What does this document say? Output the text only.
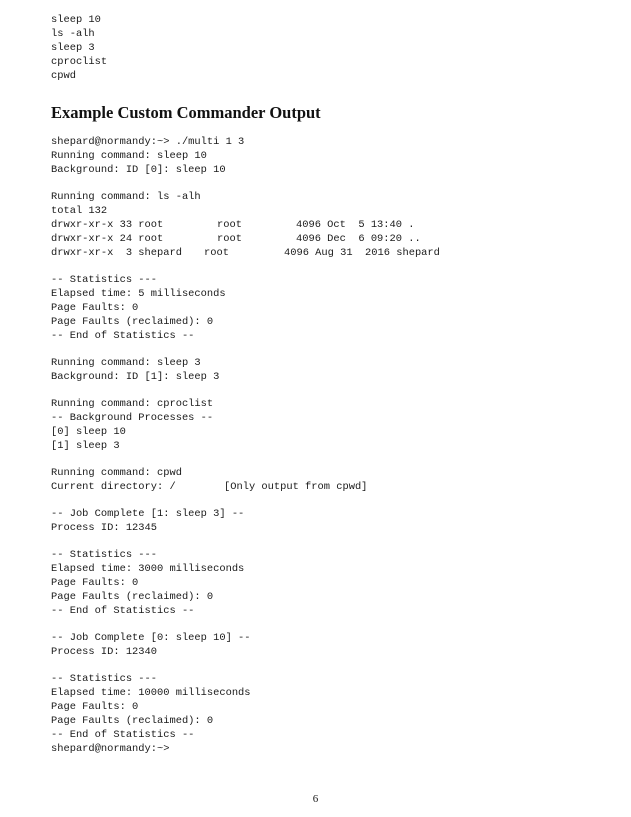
sleep 10
ls -alh
sleep 3
cproclist
cpwd
Example Custom Commander Output
shepard@normandy:~> ./multi 1 3
Running command: sleep 10
Background: ID [0]: sleep 10
Running command: ls -alh
total 132
drwxr-xr-x 33 root	root	4096 Oct  5 13:40 .
drwxr-xr-x 24 root	root	4096 Dec  6 09:20 ..
drwxr-xr-x  3 shepard root	4096 Aug 31  2016 shepard
-- Statistics ---
Elapsed time: 5 milliseconds
Page Faults: 0
Page Faults (reclaimed): 0
-- End of Statistics --
Running command: sleep 3
Background: ID [1]: sleep 3
Running command: cproclist
-- Background Processes --
[0] sleep 10
[1] sleep 3
Running command: cpwd
Current directory: /	[Only output from cpwd]
-- Job Complete [1: sleep 3] --
Process ID: 12345
-- Statistics ---
Elapsed time: 3000 milliseconds
Page Faults: 0
Page Faults (reclaimed): 0
-- End of Statistics --
-- Job Complete [0: sleep 10] --
Process ID: 12340
-- Statistics ---
Elapsed time: 10000 milliseconds
Page Faults: 0
Page Faults (reclaimed): 0
-- End of Statistics --
shepard@normandy:~>
6
